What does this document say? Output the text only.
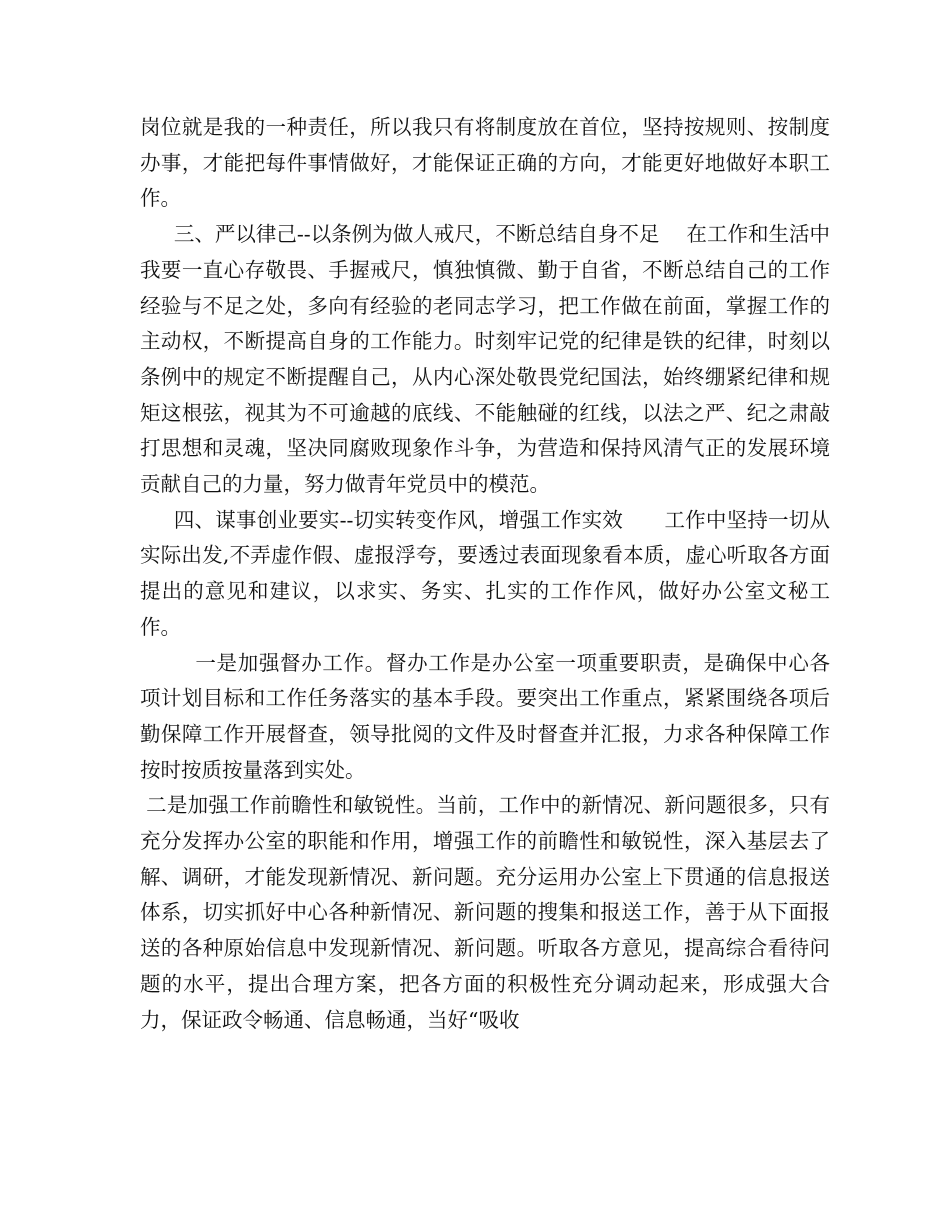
岗位就是我的一种责任，所以我只有将制度放在首位，坚持按规则、按制度办事，才能把每件事情做好，才能保证正确的方向，才能更好地做好本职工作。

三、严以律己--以条例为做人戒尺，不断总结自身不足　 在工作和生活中我要一直心存敬畏、手握戒尺，慎独慎微、勤于自省，不断总结自己的工作经验与不足之处，多向有经验的老同志学习，把工作做在前面，掌握工作的主动权，不断提高自身的工作能力。时刻牢记党的纪律是铁的纪律，时刻以条例中的规定不断提醒自己，从内心深处敬畏党纪国法，始终绷紧纪律和规矩这根弦，视其为不可逾越的底线、不能触碰的红线，以法之严、纪之肃敲打思想和灵魂，坚决同腐败现象作斗争，为营造和保持风清气正的发展环境贡献自己的力量，努力做青年党员中的模范。

四、谋事创业要实--切实转变作风，增强工作实效　　工作中坚持一切从实际出发,不弄虚作假、虚报浮夸，要透过表面现象看本质，虚心听取各方面提出的意见和建议，以求实、务实、扎实的工作作风，做好办公室文秘工作。

一是加强督办工作。督办工作是办公室一项重要职责，是确保中心各项计划目标和工作任务落实的基本手段。要突出工作重点，紧紧围绕各项后勤保障工作开展督查，领导批阅的文件及时督查并汇报，力求各种保障工作按时按质按量落到实处。

二是加强工作前瞻性和敏锐性。当前，工作中的新情况、新问题很多，只有充分发挥办公室的职能和作用，增强工作的前瞻性和敏锐性，深入基层去了解、调研，才能发现新情况、新问题。充分运用办公室上下贯通的信息报送体系，切实抓好中心各种新情况、新问题的搜集和报送工作，善于从下面报送的各种原始信息中发现新情况、新问题。听取各方意见，提高综合看待问题的水平，提出合理方案，把各方面的积极性充分调动起来，形成强大合力，保证政令畅通、信息畅通，当好“吸收
